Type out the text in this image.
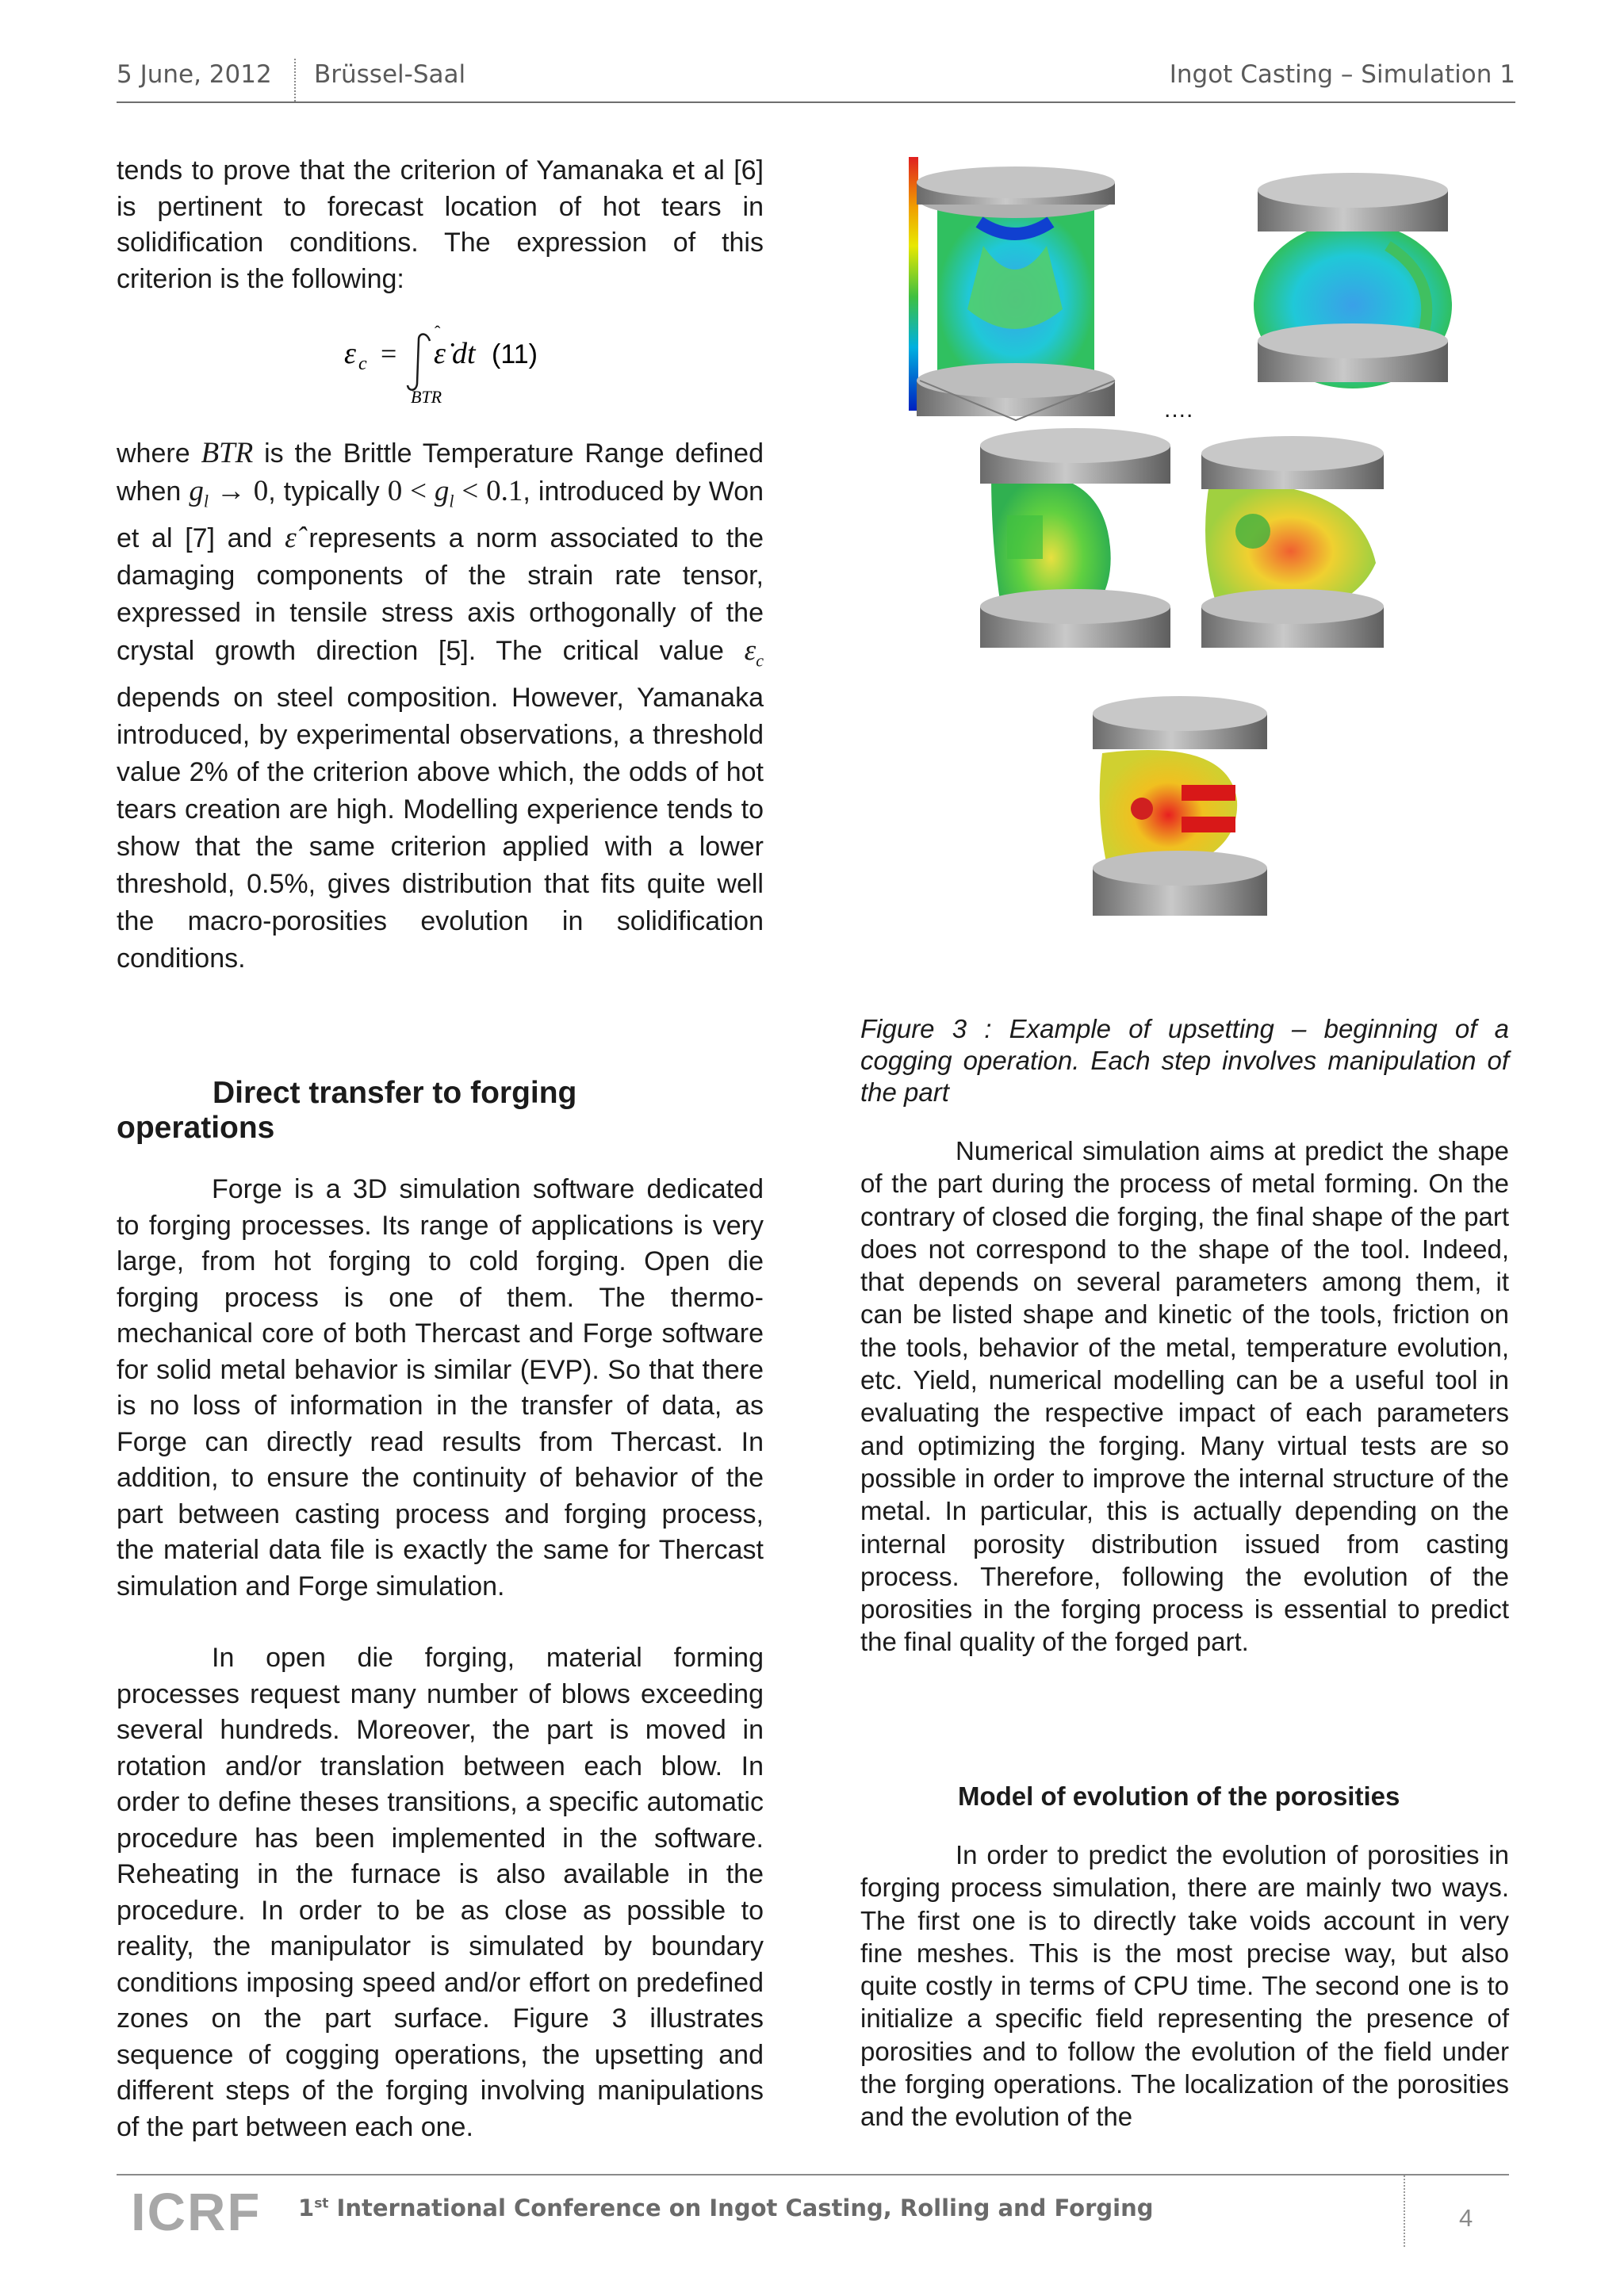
5 June, 2012 Brüssel-Saal	Ingot Casting – Simulation 1

tends to prove that the criterion of Yamanaka et al [6] is pertinent to forecast location of hot tears in solidification conditions. The expression of this criterion is the following:

ε c = ε̇
ˆ
dt (11)
BTR

where BTR is the Brittle Temperature Range defined when $g_l \to 0$, typically $0 < g_l < 0.1$, introduced by Won et al [7] and ε̂ represents a norm associated to the damaging components of the strain rate tensor, expressed in tensile stress axis orthogonally of the crystal growth direction [5]. The critical value $\varepsilon_c$ depends on steel composition. However, Yamanaka introduced, by experimental observations, a threshold value 2% of the criterion above which, the odds of hot tears creation are high. Modelling experience tends to show that the same criterion applied with a lower threshold, 0.5%, gives distribution that fits quite well the macro-porosities evolution in solidification conditions.

Direct transfer to forging
operations

Forge is a 3D simulation software dedicated to forging processes. Its range of applications is very large, from hot forging to cold forging. Open die forging process is one of them. The thermo-mechanical core of both Thercast and Forge software for solid metal behavior is similar (EVP). So that there is no loss of information in the transfer of data, as Forge can directly read results from Thercast. In addition, to ensure the continuity of behavior of the part between casting process and forging process, the material data file is exactly the same for Thercast simulation and Forge simulation.

In open die forging, material forming processes request many number of blows exceeding several hundreds. Moreover, the part is moved in rotation and/or translation between each blow. In order to define theses transitions, a specific automatic procedure has been implemented in the software. Reheating in the furnace is also available in the procedure. In order to be as close as possible to reality, the manipulator is simulated by boundary conditions imposing speed and/or effort on predefined zones on the part surface. Figure 3 illustrates sequence of cogging operations, the upsetting and different steps of the forging involving manipulations of the part between each one.

....
Figure 3 : Example of upsetting – beginning of a cogging operation. Each step involves manipulation of the part

Numerical simulation aims at predict the shape of the part during the process of metal forming. On the contrary of closed die forging, the final shape of the part does not correspond to the shape of the tool. Indeed, that depends on several parameters among them, it can be listed shape and kinetic of the tools, friction on the tools, behavior of the metal, temperature evolution, etc. Yield, numerical modelling can be a useful tool in evaluating the respective impact of each parameters and optimizing the forging. Many virtual tests are so possible in order to improve the internal structure of the metal. In particular, this is actually depending on the internal porosity distribution issued from casting process. Therefore, following the evolution of the porosities in the forging process is essential to predict the final quality of the forged part.

Model of evolution of the porosities

In order to predict the evolution of porosities in forging process simulation, there are mainly two ways. The first one is to directly take voids account in very fine meshes. This is the most precise way, but also quite costly in terms of CPU time. The second one is to initialize a specific field representing the presence of porosities and to follow the evolution of the field under the forging operations. The localization of the porosities and the evolution of the

ICRF 1st International Conference on Ingot Casting, Rolling and Forging	4
